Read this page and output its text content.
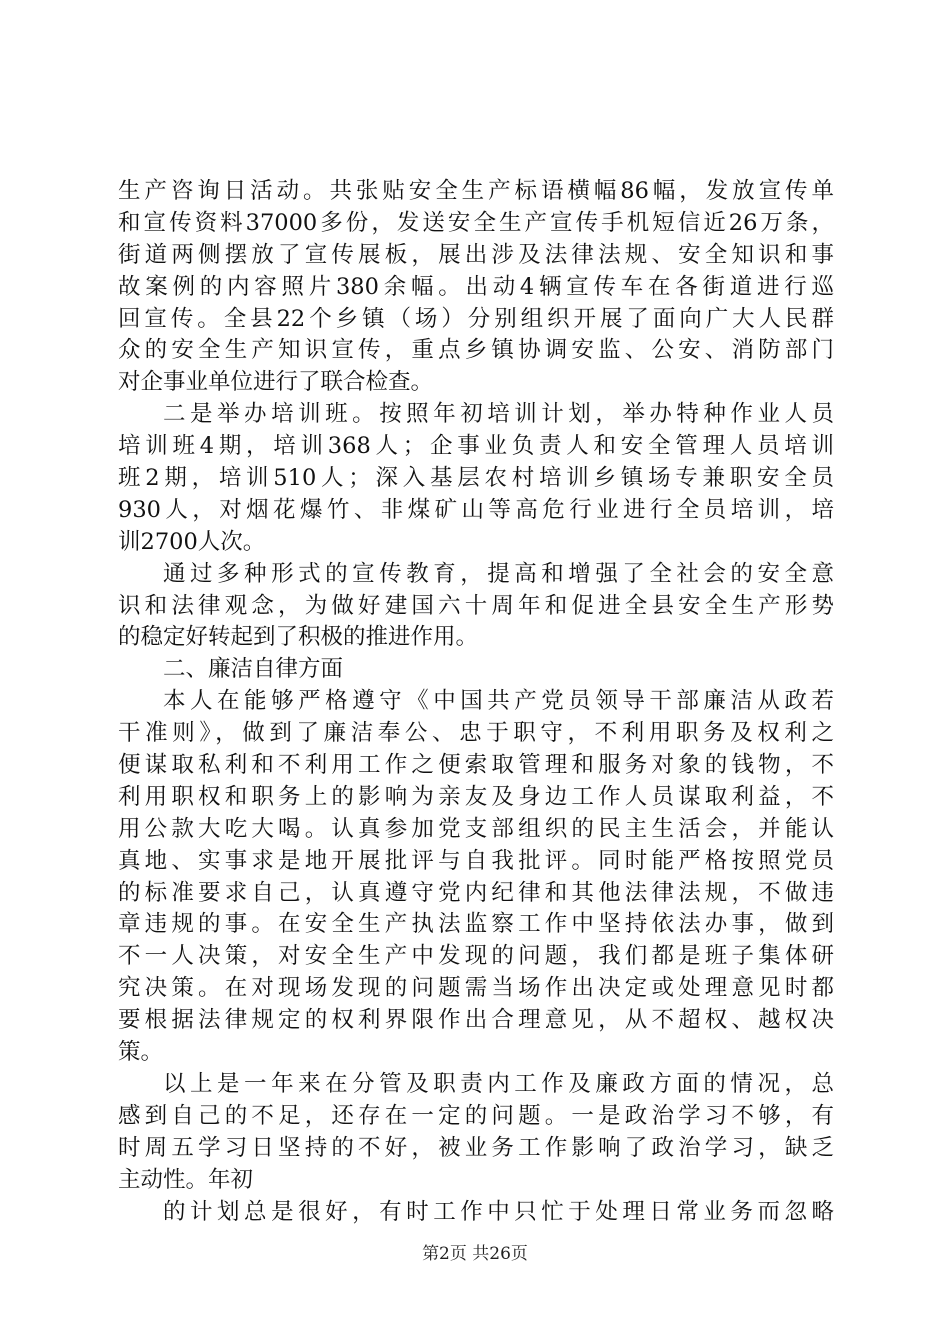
生产咨询日活动。共张贴安全生产标语横幅86幅，发放宣传单
和宣传资料37000多份，发送安全生产宣传手机短信近26万条，
街道两侧摆放了宣传展板，展出涉及法律法规、安全知识和事
故案例的内容照片380余幅。出动4辆宣传车在各街道进行巡
回宣传。全县22个乡镇（场）分别组织开展了面向广大人民群
众的安全生产知识宣传，重点乡镇协调安监、公安、消防部门
对企事业单位进行了联合检查。
二是举办培训班。按照年初培训计划，举办特种作业人员
培训班4期，培训368人；企事业负责人和安全管理人员培训
班2期，培训510人；深入基层农村培训乡镇场专兼职安全员
930人，对烟花爆竹、非煤矿山等高危行业进行全员培训，培
训2700人次。
通过多种形式的宣传教育，提高和增强了全社会的安全意
识和法律观念，为做好建国六十周年和促进全县安全生产形势
的稳定好转起到了积极的推进作用。
二、廉洁自律方面
本人在能够严格遵守《中国共产党员领导干部廉洁从政若
干准则》，做到了廉洁奉公、忠于职守，不利用职务及权利之
便谋取私利和不利用工作之便索取管理和服务对象的钱物，不
利用职权和职务上的影响为亲友及身边工作人员谋取利益，不
用公款大吃大喝。认真参加党支部组织的民主生活会，并能认
真地、实事求是地开展批评与自我批评。同时能严格按照党员
的标准要求自己，认真遵守党内纪律和其他法律法规，不做违
章违规的事。在安全生产执法监察工作中坚持依法办事，做到
不一人决策，对安全生产中发现的问题，我们都是班子集体研
究决策。在对现场发现的问题需当场作出决定或处理意见时都
要根据法律规定的权利界限作出合理意见，从不超权、越权决
策。
以上是一年来在分管及职责内工作及廉政方面的情况，总
感到自己的不足，还存在一定的问题。一是政治学习不够，有
时周五学习日坚持的不好，被业务工作影响了政治学习，缺乏
主动性。年初
的计划总是很好，有时工作中只忙于处理日常业务而忽略
第2页 共26页
